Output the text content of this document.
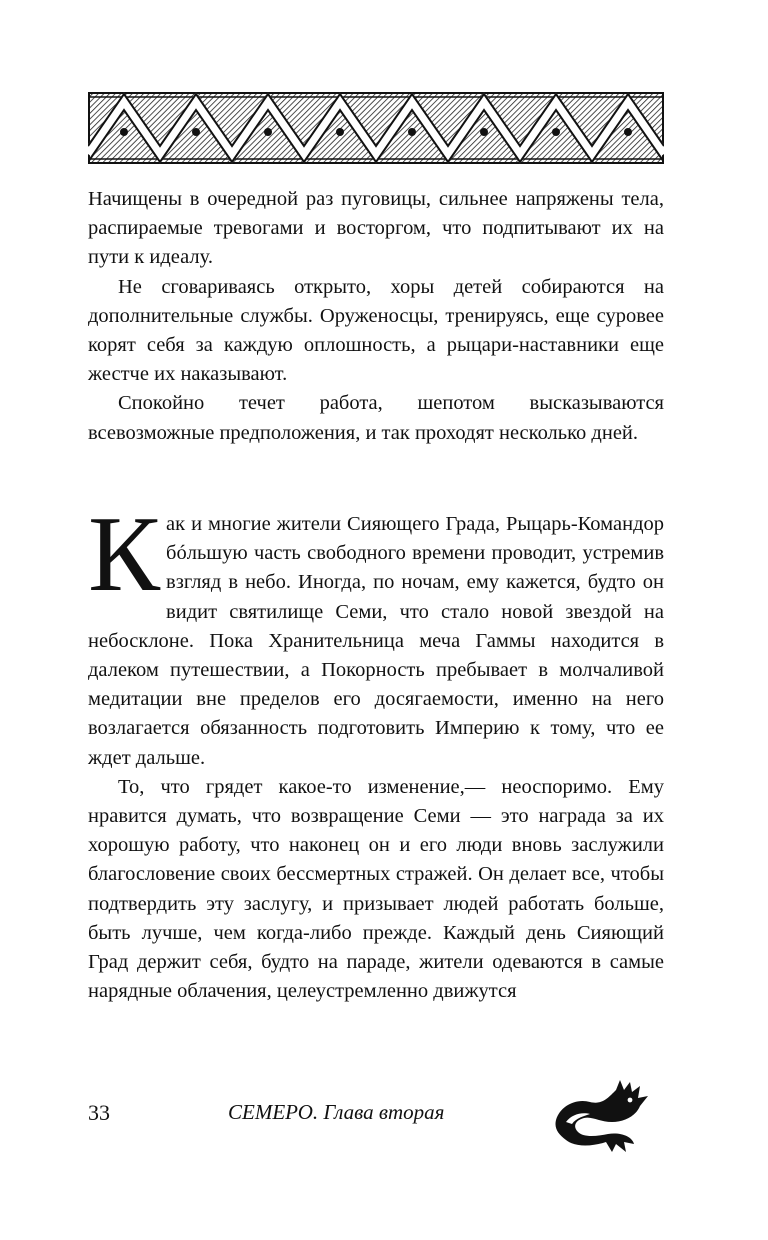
Начищены в очередной раз пуговицы, сильнее напряжены тела, распираемые тревогами и восторгом, что подпитывают их на пути к идеалу.

Не сговариваясь открыто, хоры детей собираются на дополнительные службы. Оруженосцы, тренируясь, еще суровее корят себя за каждую оплошность, а рыцари-наставники еще жестче их наказывают.

Спокойно течет работа, шепотом высказываются всевозможные предположения, и так проходят несколько дней.

Как и многие жители Сияющего Града, Рыцарь-Командор бóльшую часть свободного времени проводит, устремив взгляд в небо. Иногда, по ночам, ему кажется, будто он видит святилище Семи, что стало новой звездой на небосклоне. Пока Хранительница меча Гаммы находится в далеком путешествии, а Покорность пребывает в молчаливой медитации вне пределов его досягаемости, именно на него возлагается обязанность подготовить Империю к тому, что ее ждет дальше.

То, что грядет какое-то изменение,— неоспоримо. Ему нравится думать, что возвращение Семи — это награда за их хорошую работу, что наконец он и его люди вновь заслужили благословение своих бессмертных стражей. Он делает все, чтобы подтвердить эту заслугу, и призывает людей работать больше, быть лучше, чем когда-либо прежде. Каждый день Сияющий Град держит себя, будто на параде, жители одеваются в самые нарядные облачения, целеустремленно движутся

33	СЕМЕРО. Глава вторая
